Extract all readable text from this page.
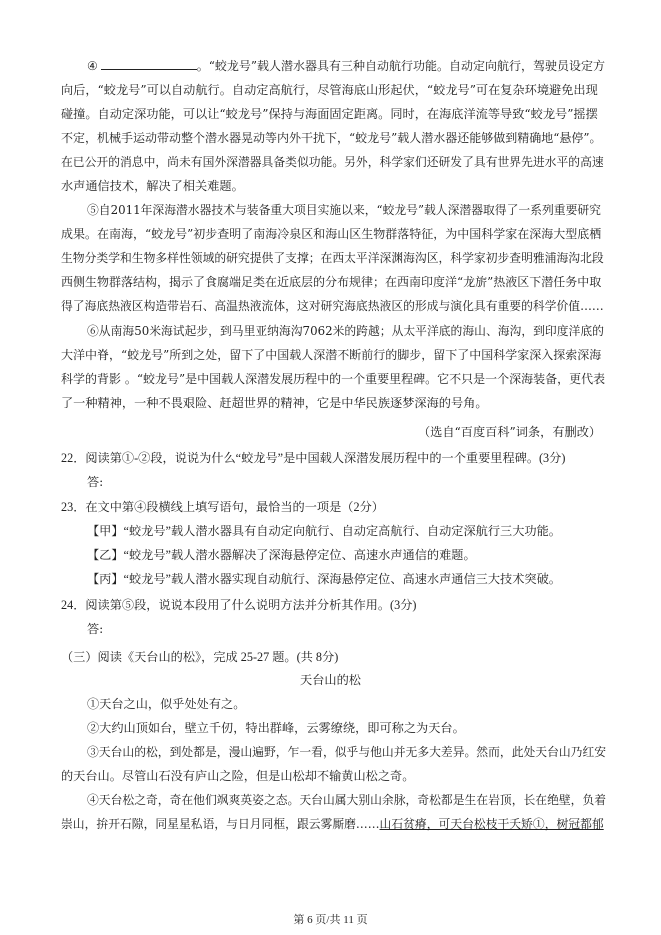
④	。“蛟龙号”载人潜水器具有三种自动航行功能。自动定向航行，驾驶员设定方
向后，“蛟龙号”可以自动航行。自动定高航行，尽管海底山形起伏，“蛟龙号”可在复杂环境避免出现
碰撞。自动定深功能，可以让“蛟龙号”保持与海面固定距离。同时，在海底洋流等导致“蛟龙号”摇摆
不定，机械手运动带动整个潜水器晃动等内外干扰下，“蛟龙号”载人潜水器还能够做到精确地“悬停”。
在已公开的消息中，尚未有国外深潜器具备类似功能。另外，科学家们还研发了具有世界先进水平的高速
水声通信技术，解决了相关难题。
⑤自2011年深海潜水器技术与装备重大项目实施以来，“蛟龙号”载人深潜器取得了一系列重要研究
成果。在南海，“蛟龙号”初步查明了南海冷泉区和海山区生物群落特征，为中国科学家在深海大型底栖
生物分类学和生物多样性领域的研究提供了支撑；在西太平洋深渊海沟区，科学家初步查明雅浦海沟北段
西侧生物群落结构，揭示了食腐端足类在近底层的分布规律；在西南印度洋“龙旂”热液区下潜任务中取
得了海底热液区构造带岩石、高温热液流体，这对研究海底热液区的形成与演化具有重要的科学价值……
⑥从南海50米海试起步，到马里亚纳海沟7062米的跨越；从太平洋底的海山、海沟，到印度洋底的
大洋中脊，“蛟龙号”所到之处，留下了中国载人深潜不断前行的脚步，留下了中国科学家深入探索深海
科学的背影 。“蛟龙号”是中国载人深潜发展历程中的一个重要里程碑。它不只是一个深海装备，更代表
了一种精神，一种不畏艰险、赶超世界的精神，它是中华民族逐梦深海的号角。
（选自“百度百科”词条，有删改）
22．阅读第①-②段，说说为什么“蛟龙号”是中国载人深潜发展历程中的一个重要里程碑。(3分)
答:
23．在文中第④段横线上填写语句，最恰当的一项是（2分）
【甲】“蛟龙号”载人潜水器具有自动定向航行、自动定高航行、自动定深航行三大功能。
【乙】“蛟龙号”载人潜水器解决了深海悬停定位、高速水声通信的难题。
【丙】“蛟龙号”载人潜水器实现自动航行、深海悬停定位、高速水声通信三大技术突破。
24．阅读第⑤段，说说本段用了什么说明方法并分析其作用。(3分)
答:
（三）阅读《天台山的松》，完成 25-27 题。(共 8分)
天台山的松
①天台之山，似乎处处有之。
②大约山顶如台，壁立千仞，特出群峰，云雾缭绕，即可称之为天台。
③天台山的松，到处都是，漫山遍野，乍一看，似乎与他山并无多大差异。然而，此处天台山乃红安
的天台山。尽管山石没有庐山之险，但是山松却不输黄山松之奇。
④天台松之奇，奇在他们飒爽英姿之态。天台山属大别山余脉，奇松都是生在岩顶，长在绝壁，负着
崇山，拚开石隙，同星星私语，与日月同框，跟云雾厮磨……山石贫瘠，可天台松枝干夭矫①，树冠都郁
第 6 页/共 11 页
